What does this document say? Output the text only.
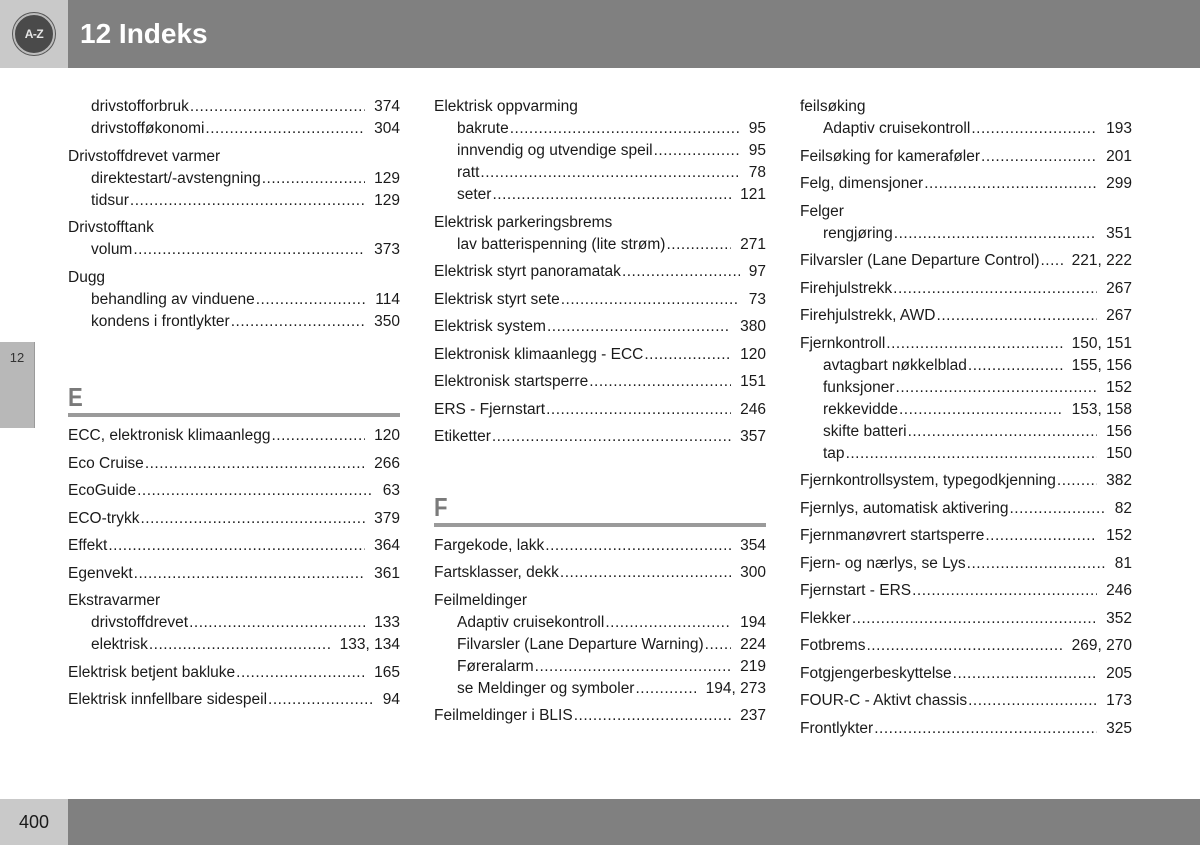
A-Z 12 Indeks
12
400
drivstofforbruk .....	374
drivstofføkonomi .....	304
Drivstoffdrevet varmer
direktestart/-avstengning .....	129
tidsur .....	129
Drivstofftank
volum .....	373
Dugg
behandling av vinduene .....	114
kondens i frontlykter .....	350
E
ECC, elektronisk klimaanlegg .....	120
Eco Cruise .....	266
EcoGuide .....	63
ECO-trykk .....	379
Effekt .....	364
Egenvekt .....	361
Ekstravarmer
drivstoffdrevet .....	133
elektrisk .....	133, 134
Elektrisk betjent bakluke .....	165
Elektrisk innfellbare sidespeil .....	94
Elektrisk oppvarming
bakrute .....	95
innvendig og utvendige speil .....	95
ratt .....	78
seter .....	121
Elektrisk parkeringsbrems
lav batterispenning (lite strøm) .....	271
Elektrisk styrt panoramatak .....	97
Elektrisk styrt sete .....	73
Elektrisk system .....	380
Elektronisk klimaanlegg - ECC .....	120
Elektronisk startsperre .....	151
ERS - Fjernstart .....	246
Etiketter .....	357
F
Fargekode, lakk .....	354
Fartsklasser, dekk .....	300
Feilmeldinger
Adaptiv cruisekontroll .....	194
Filvarsler (Lane Departure Warning) .....	224
Føreralarm .....	219
se Meldinger og symboler .....	194, 273
Feilmeldinger i BLIS .....	237
feilsøking
Adaptiv cruisekontroll .....	193
Feilsøking for kameraføler .....	201
Felg, dimensjoner .....	299
Felger
rengjøring .....	351
Filvarsler (Lane Departure Control) .....	221, 222
Firehjulstrekk .....	267
Firehjulstrekk, AWD .....	267
Fjernkontroll .....	150, 151
avtagbart nøkkelblad .....	155, 156
funksjoner .....	152
rekkevidde .....	153, 158
skifte batteri .....	156
tap .....	150
Fjernkontrollsystem, typegodkjenning .....	382
Fjernlys, automatisk aktivering .....	82
Fjernmanøvrert startsperre .....	152
Fjern- og nærlys, se Lys .....	81
Fjernstart - ERS .....	246
Flekker .....	352
Fotbrems .....	269, 270
Fotgjengerbeskyttelse .....	205
FOUR-C - Aktivt chassis .....	173
Frontlykter .....	325
